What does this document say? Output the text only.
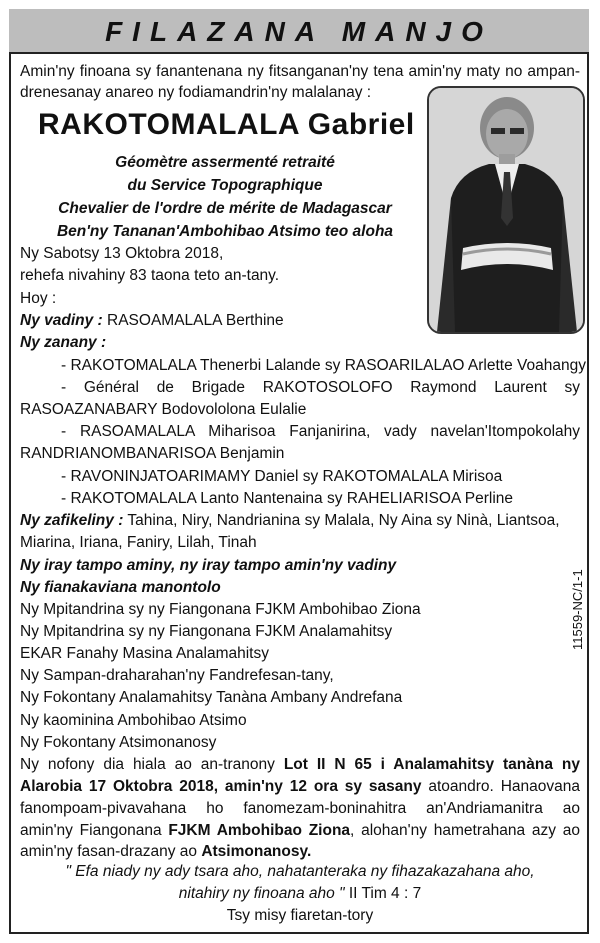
FILAZANA MANJO
Amin'ny finoana sy fanantenana ny fitsanganan'ny tena amin'ny maty no ampan-
drenesanay anareo ny fodiamandrin'ny malalanay :
RAKOTOMALALA Gabriel
Géomètre assermenté retraité
du Service Topographique
Chevalier de l'ordre de mérite de Madagascar
Ben'ny Tananan'Ambohibao Atsimo teo aloha
Ny Sabotsy 13 Oktobra 2018,
rehefa nivahiny 83 taona teto an-tany.
Hoy :
Ny vadiny : RASOAMALALA Berthine
Ny zanany :
- RAKOTOMALALA Thenerbi Lalande sy RASOARILALAO Arlette Voahangy
- Général de Brigade RAKOTOSOLOFO Raymond Laurent sy
RASOAZANABARY Bodovololona Eulalie
- RASOAMALALA Miharisoa Fanjanirina, vady navelan'Itompokolahy
RANDRIANOMBANARISOA Benjamin
- RAVONINJATOARIMAMY Daniel sy RAKOTOMALALA Mirisoa
- RAKOTOMALALA Lanto Nantenaina sy RAHELIARISOA Perline
Ny zafikeliny : Tahina, Niry, Nandrianina sy Malala, Ny Aina sy Ninà, Liantsoa,
Miarina, Iriana, Faniry, Lilah, Tinah
Ny iray tampo aminy, ny iray tampo amin'ny vadiny
Ny fianakaviana manontolo
Ny Mpitandrina sy ny Fiangonana FJKM Ambohibao Ziona
Ny Mpitandrina sy ny Fiangonana FJKM Analamahitsy
EKAR Fanahy Masina Analamahitsy
Ny Sampan-draharahan'ny Fandrefesan-tany,
Ny Fokontany Analamahitsy Tanàna Ambany Andrefana
Ny kaominina Ambohibao Atsimo
Ny Fokontany Atsimonanosy
11559-NC/1-1
Ny nofony dia hiala ao an-tranony Lot II N 65 i Analamahitsy tanàna ny
Alarobia 17 Oktobra 2018, amin'ny 12 ora sy sasany atoandro. Hanaovana
fanompoam-pivavahana ho fanomezam-boninahitra an'Andriamanitra ao
amin'ny Fiangonana FJKM Ambohibao Ziona, alohan'ny hametrahana azy ao
amin'ny fasan-drazany ao Atsimonanosy.
" Efa niady ny ady tsara aho, nahatanteraka ny fihazakazahana aho,
nitahiry ny finoana aho " II Tim 4 : 7
Tsy misy fiaretan-tory
